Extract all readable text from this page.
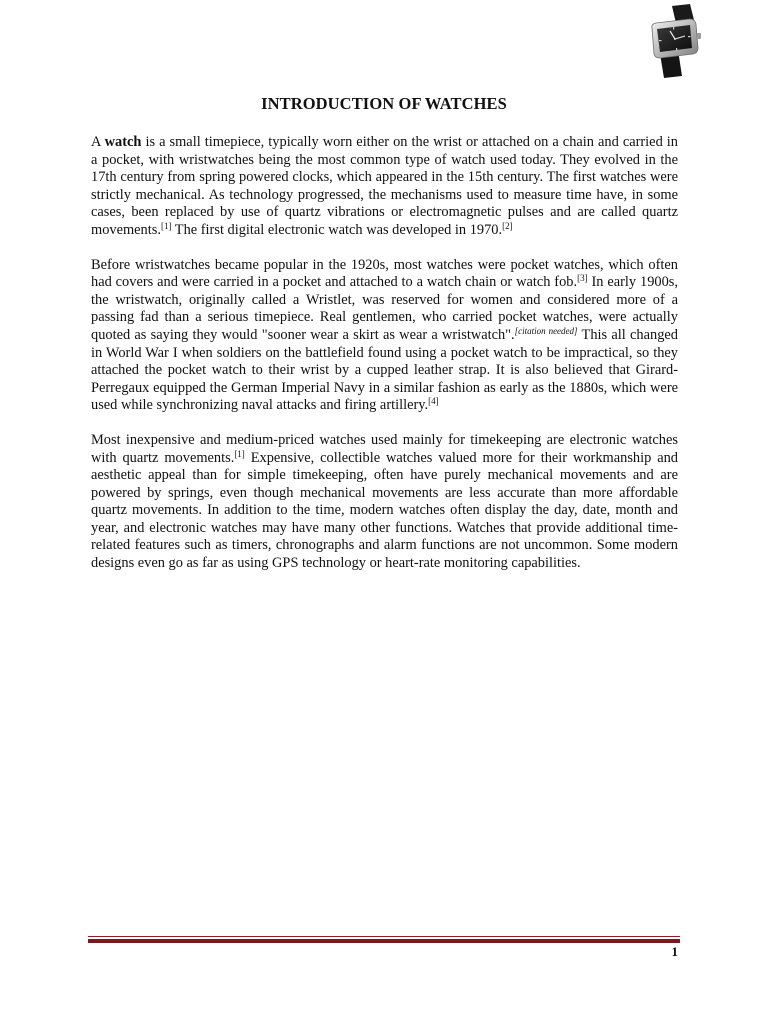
INTRODUCTION OF WATCHES

A watch is a small timepiece, typically worn either on the wrist or attached on a chain and carried in a pocket, with wristwatches being the most common type of watch used today. They evolved in the 17th century from spring powered clocks, which appeared in the 15th century. The first watches were strictly mechanical. As technology progressed, the mechanisms used to measure time have, in some cases, been replaced by use of quartz vibrations or electromagnetic pulses and are called quartz movements.[1] The first digital electronic watch was developed in 1970.[2]

Before wristwatches became popular in the 1920s, most watches were pocket watches, which often had covers and were carried in a pocket and attached to a watch chain or watch fob.[3] In early 1900s, the wristwatch, originally called a Wristlet, was reserved for women and considered more of a passing fad than a serious timepiece. Real gentlemen, who carried pocket watches, were actually quoted as saying they would "sooner wear a skirt as wear a wristwatch".[citation needed] This all changed in World War I when soldiers on the battlefield found using a pocket watch to be impractical, so they attached the pocket watch to their wrist by a cupped leather strap. It is also believed that Girard-Perregaux equipped the German Imperial Navy in a similar fashion as early as the 1880s, which were used while synchronizing naval attacks and firing artillery.[4]

Most inexpensive and medium-priced watches used mainly for timekeeping are electronic watches with quartz movements.[1] Expensive, collectible watches valued more for their workmanship and aesthetic appeal than for simple timekeeping, often have purely mechanical movements and are powered by springs, even though mechanical movements are less accurate than more affordable quartz movements. In addition to the time, modern watches often display the day, date, month and year, and electronic watches may have many other functions. Watches that provide additional time-related features such as timers, chronographs and alarm functions are not uncommon. Some modern designs even go as far as using GPS technology or heart-rate monitoring capabilities.

1
